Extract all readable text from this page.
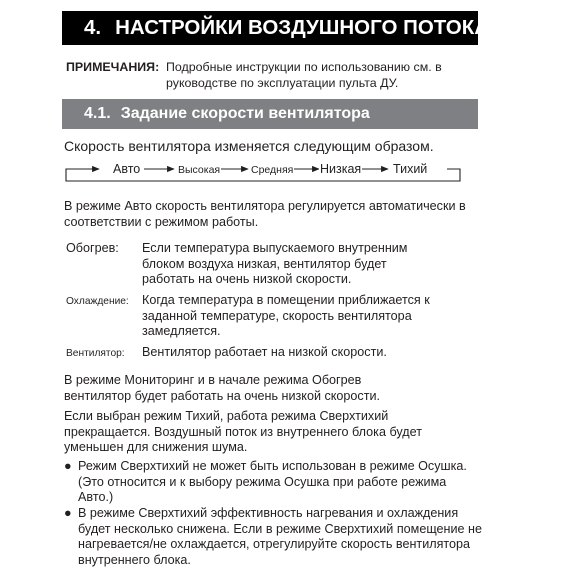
4. НАСТРОЙКИ ВОЗДУШНОГО ПОТОКА
ПРИМЕЧАНИЯ: Подробные инструкции по использованию см. в руководстве по эксплуатации пульта ДУ.
4.1. Задание скорости вентилятора
Скорость вентилятора изменяется следующим образом.
Авто	Высокая	Средняя Низкая	Тихий
В режиме Авто скорость вентилятора регулируется автоматически в соответствии с режимом работы.
Обогрев: Если температура выпускаемого внутренним блоком воздуха низкая, вентилятор будет работать на очень низкой скорости.
Охлаждение: Когда температура в помещении приближается к заданной температуре, скорость вентилятора замедляется.
Вентилятор: Вентилятор работает на низкой скорости.
В режиме Мониторинг и в начале режима Обогрев вентилятор будет работать на очень низкой скорости.
Если выбран режим Тихий, работа режима Сверхтихий прекращается. Воздушный поток из внутреннего блока будет уменьшен для снижения шума.
● Режим Сверхтихий не может быть использован в режиме Осушка. (Это относится и к выбору режима Осушка при работе режима Авто.)
● В режиме Сверхтихий эффективность нагревания и охлаждения будет несколько снижена. Если в режиме Сверхтихий помещение не нагревается/не охлаждается, отрегулируйте скорость вентилятора внутреннего блока.
